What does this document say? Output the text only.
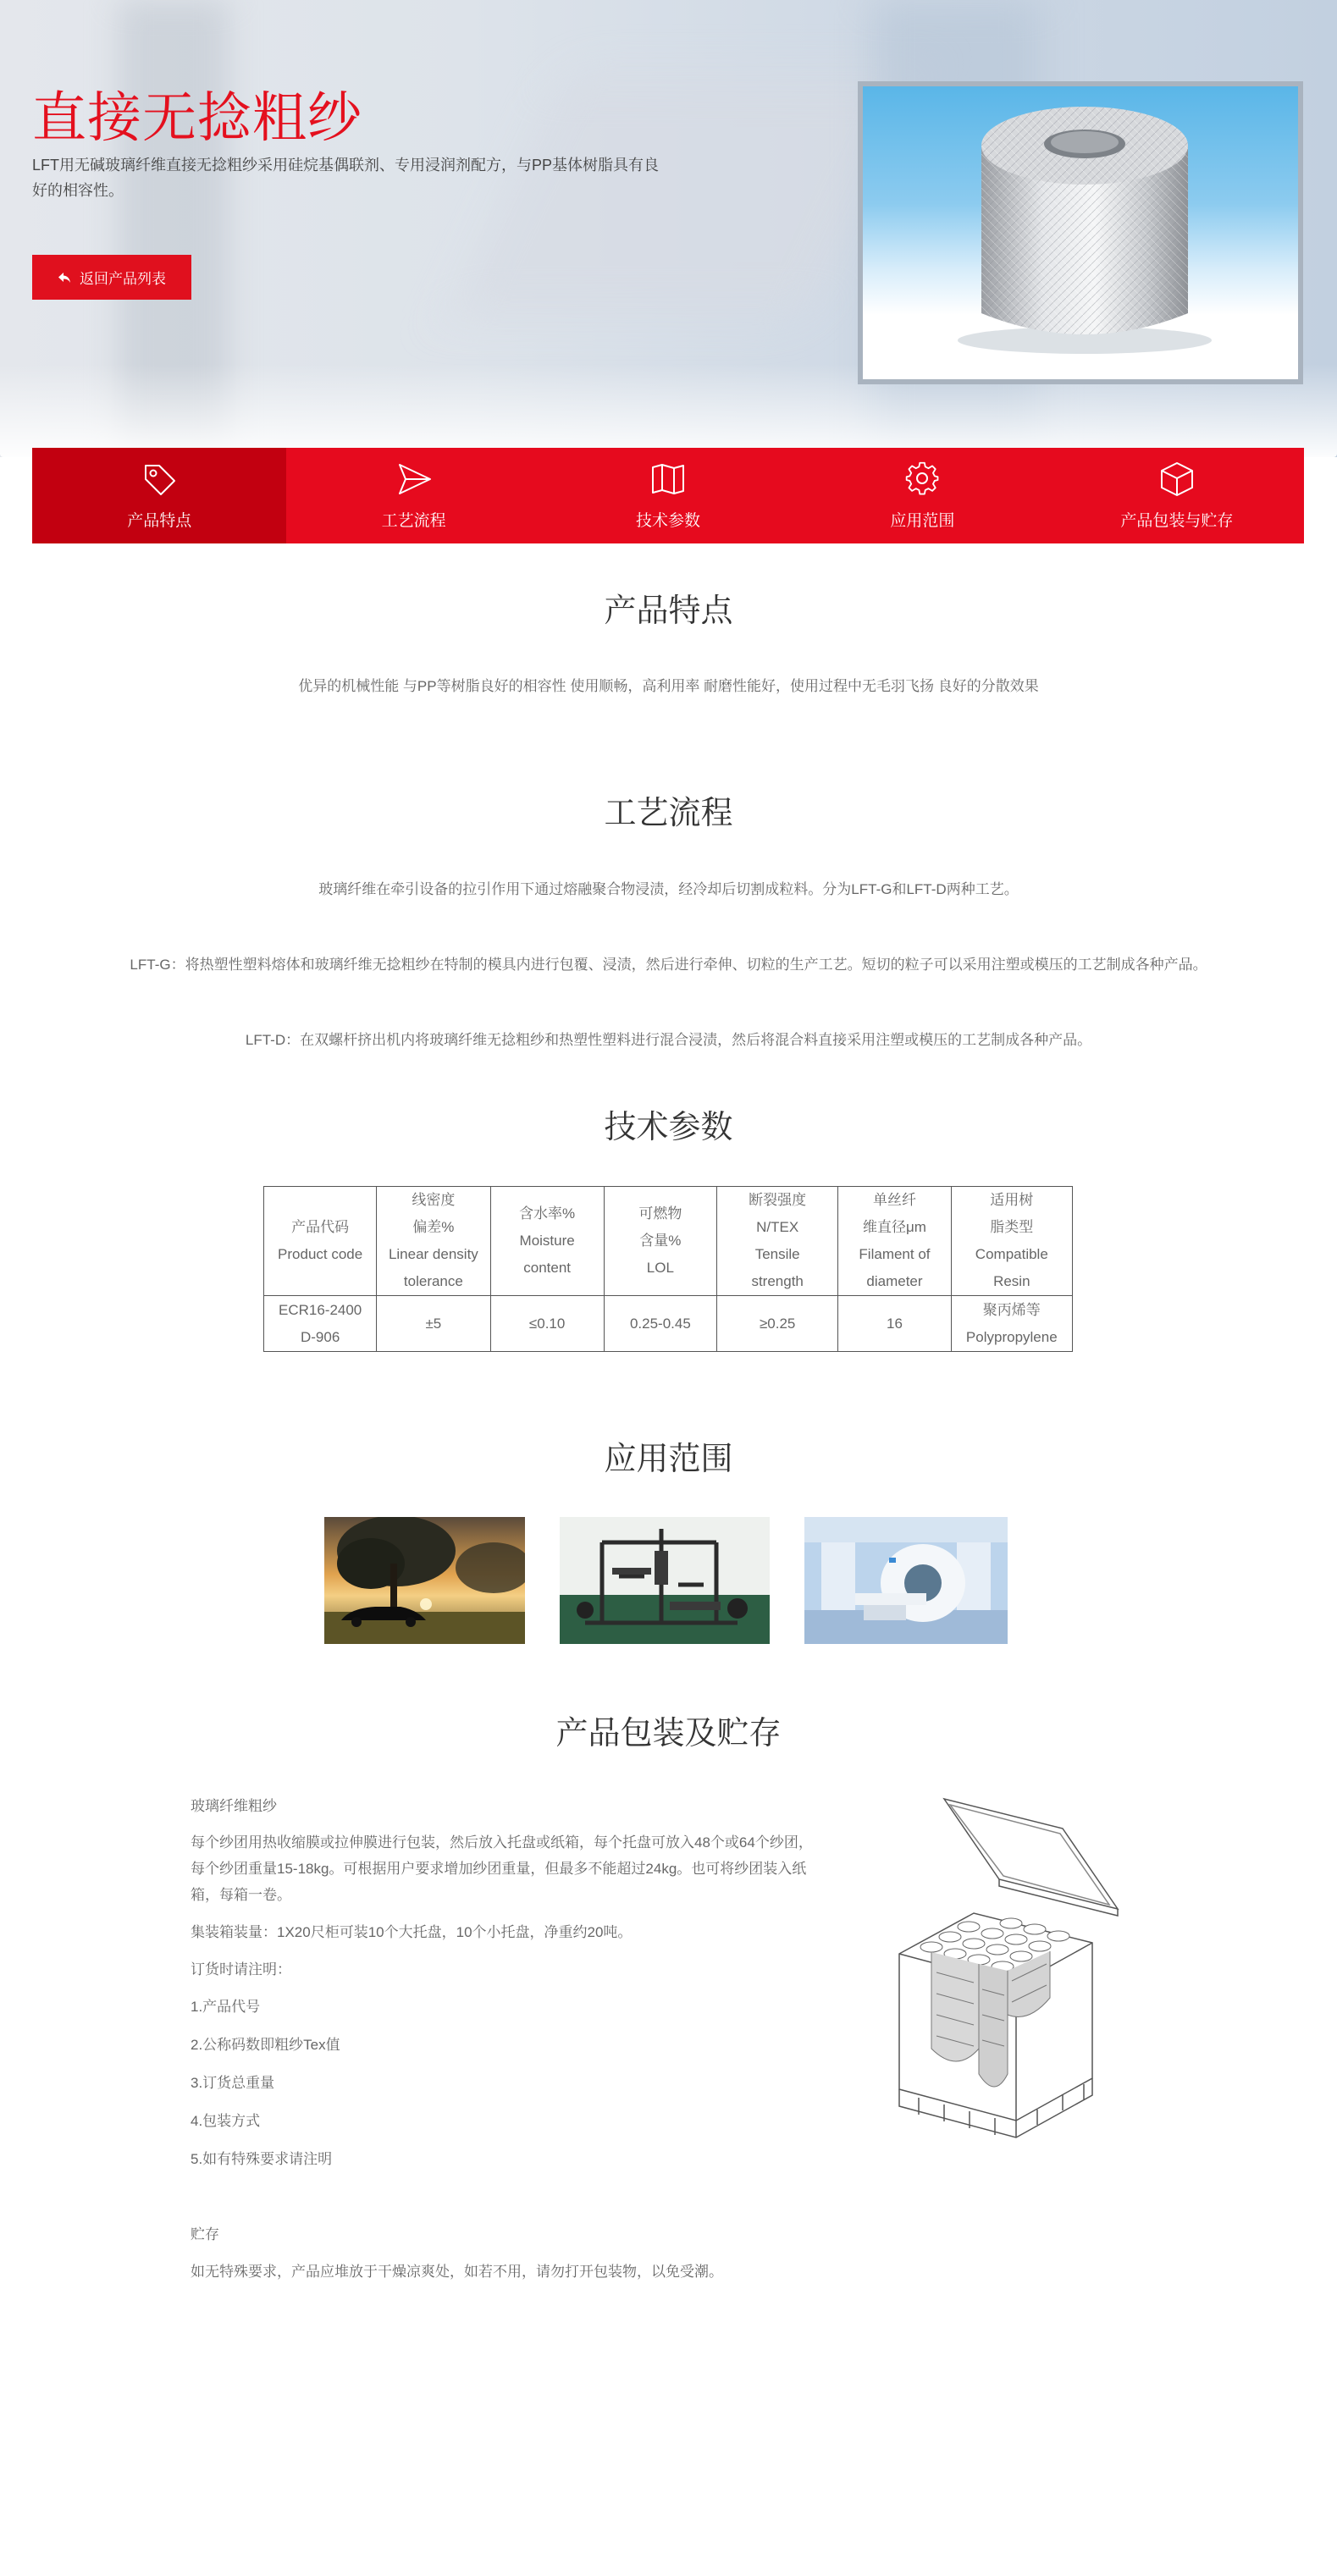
直接无捻粗纱

LFT用无碱玻璃纤维直接无捻粗纱采用硅烷基偶联剂、专用浸润剂配方，与PP基体树脂具有良好的相容性。

返回产品列表
产品特点	工艺流程	技术参数	应用范围	产品包装与贮存
产品特点

优异的机械性能 与PP等树脂良好的相容性 使用顺畅，高利用率 耐磨性能好，使用过程中无毛羽飞扬 良好的分散效果

工艺流程

玻璃纤维在牵引设备的拉引作用下通过熔融聚合物浸渍，经冷却后切割成粒料。分为LFT-G和LFT-D两种工艺。

LFT-G：将热塑性塑料熔体和玻璃纤维无捻粗纱在特制的模具内进行包覆、浸渍，然后进行牵伸、切粒的生产工艺。短切的粒子可以采用注塑或模压的工艺制成各种产品。

LFT-D：在双螺杆挤出机内将玻璃纤维无捻粗纱和热塑性塑料进行混合浸渍，然后将混合料直接采用注塑或模压的工艺制成各种产品。

技术参数
产品代码
Product code	线密度
偏差%
Linear density
tolerance	含水率%
Moisture
content	可燃物
含量%
LOL	断裂强度
N/TEX
Tensile
strength	单丝纤
维直径μm
Filament of
diameter	适用树
脂类型
Compatible
Resin

ECR16-2400
D-906	±5	≤0.10	0.25-0.45	≥0.25	16	聚丙烯等
Polypropylene
应用范围
产品包装及贮存

玻璃纤维粗纱

每个纱团用热收缩膜或拉伸膜进行包装，然后放入托盘或纸箱，每个托盘可放入48个或64个纱团，每个纱团重量15-18kg。可根据用户要求增加纱团重量，但最多不能超过24kg。也可将纱团装入纸箱，每箱一卷。

集装箱装量：1X20尺柜可装10个大托盘，10个小托盘，净重约20吨。

订货时请注明：

1.产品代号

2.公称码数即粗纱Tex值

3.订货总重量

4.包装方式

5.如有特殊要求请注明

贮存

如无特殊要求，产品应堆放于干燥凉爽处，如若不用，请勿打开包装物，以免受潮。
